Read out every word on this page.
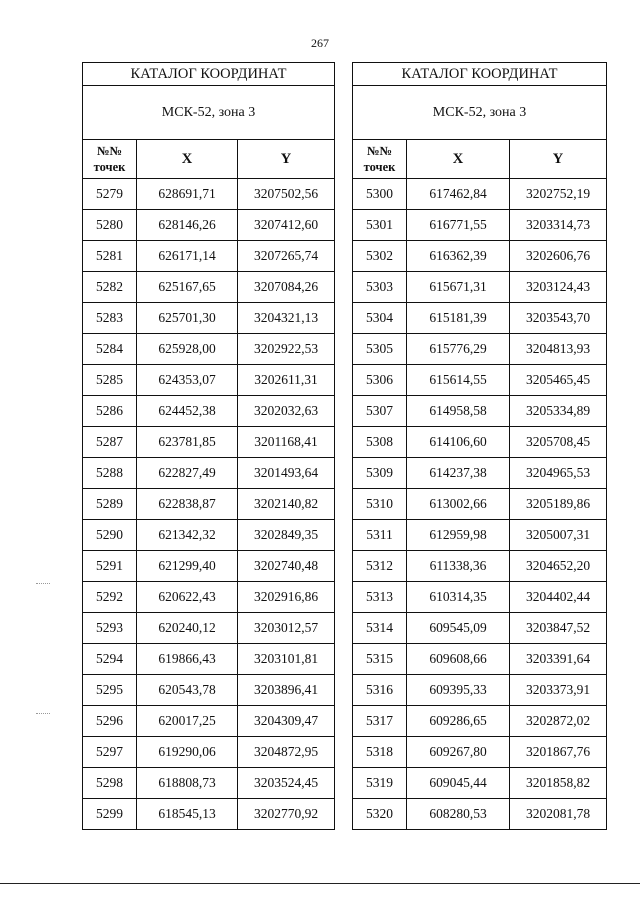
267
КАТАЛОГ КООРДИНАТ		
МСК-52, зона 3		
№№
точек	X	Y
5279	628691,71	3207502,56
5280	628146,26	3207412,60
5281	626171,14	3207265,74
5282	625167,65	3207084,26
5283	625701,30	3204321,13
5284	625928,00	3202922,53
5285	624353,07	3202611,31
5286	624452,38	3202032,63
5287	623781,85	3201168,41
5288	622827,49	3201493,64
5289	622838,87	3202140,82
5290	621342,32	3202849,35
5291	621299,40	3202740,48
5292	620622,43	3202916,86
5293	620240,12	3203012,57
5294	619866,43	3203101,81
5295	620543,78	3203896,41
5296	620017,25	3204309,47
5297	619290,06	3204872,95
5298	618808,73	3203524,45
5299	618545,13	3202770,92
КАТАЛОГ КООРДИНАТ		
МСК-52, зона 3		
№№
точек	X	Y
5300	617462,84	3202752,19
5301	616771,55	3203314,73
5302	616362,39	3202606,76
5303	615671,31	3203124,43
5304	615181,39	3203543,70
5305	615776,29	3204813,93
5306	615614,55	3205465,45
5307	614958,58	3205334,89
5308	614106,60	3205708,45
5309	614237,38	3204965,53
5310	613002,66	3205189,86
5311	612959,98	3205007,31
5312	611338,36	3204652,20
5313	610314,35	3204402,44
5314	609545,09	3203847,52
5315	609608,66	3203391,64
5316	609395,33	3203373,91
5317	609286,65	3202872,02
5318	609267,80	3201867,76
5319	609045,44	3201858,82
5320	608280,53	3202081,78
